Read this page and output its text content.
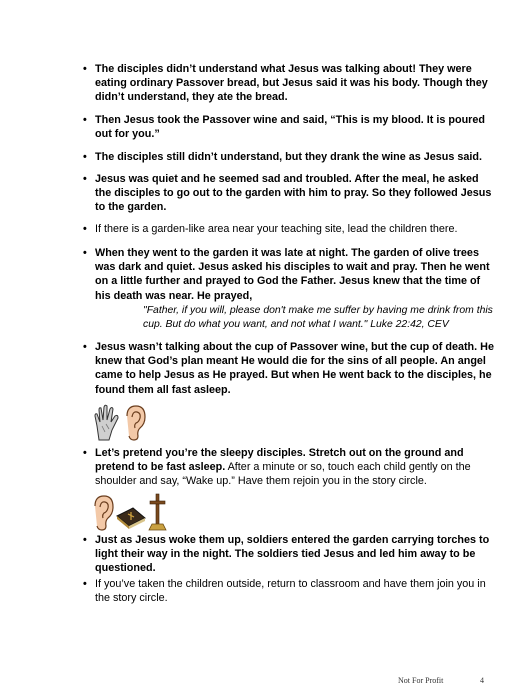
• The disciples didn’t understand what Jesus was talking about! They were eating ordinary Passover bread, but Jesus said it was his body. Though they didn’t understand, they ate the bread.
• Then Jesus took the Passover wine and said, “This is my blood. It is poured out for you.”
• The disciples still didn’t understand, but they drank the wine as Jesus said.
• Jesus was quiet and he seemed sad and troubled. After the meal, he asked the disciples to go out to the garden with him to pray. So they followed Jesus to the garden.
• If there is a garden-like area near your teaching site, lead the children there.
• When they went to the garden it was late at night. The garden of olive trees was dark and quiet. Jesus asked his disciples to wait and pray. Then he went on a little further and prayed to God the Father. Jesus knew that the time of his death was near. He prayed,
"Father, if you will, please don't make me suffer by having me drink from this cup. But do what you want, and not what I want." Luke 22:42, CEV
• Jesus wasn’t talking about the cup of Passover wine, but the cup of death. He knew that God’s plan meant He would die for the sins of all people. An angel came to help Jesus as He prayed. But when He went back to the disciples, he found them all fast asleep.
• Let’s pretend you’re the sleepy disciples. Stretch out on the ground and pretend to be fast asleep. After a minute or so, touch each child gently on the shoulder and say, “Wake up.” Have them rejoin you in the story circle.
• Just as Jesus woke them up, soldiers entered the garden carrying torches to light their way in the night. The soldiers tied Jesus and led him away to be questioned.
• If you’ve taken the children outside, return to classroom and have them join you in the story circle.
Not For Profit	4
